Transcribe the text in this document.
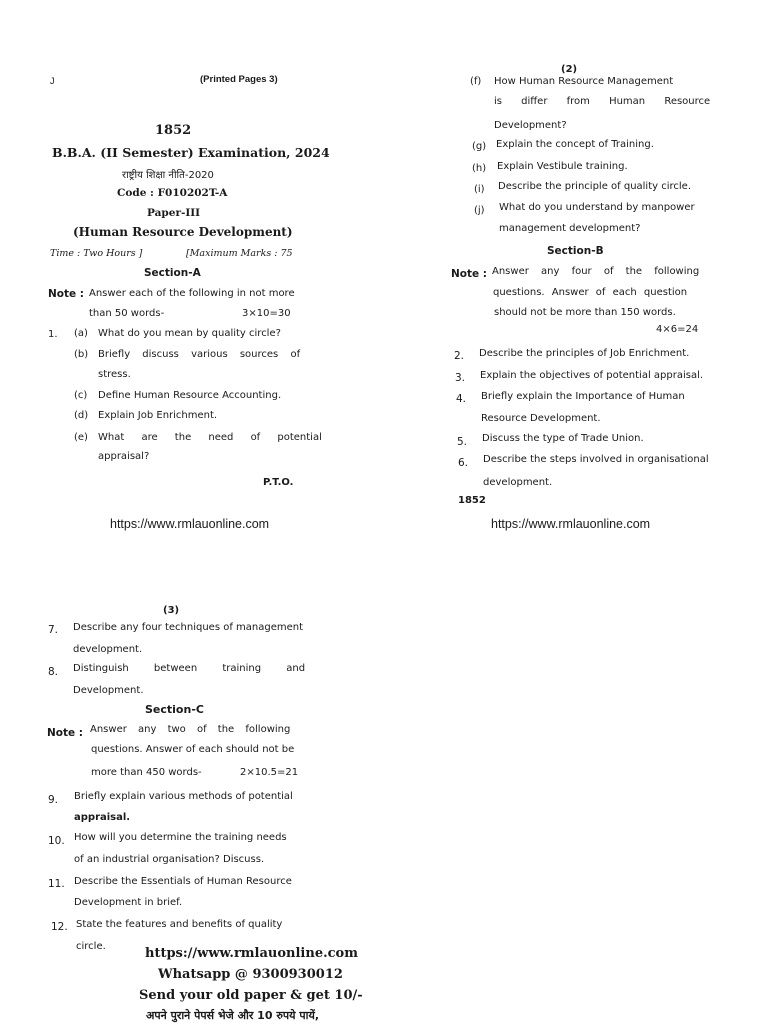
J	(Printed Pages 3)
1852
B.B.A. (II Semester) Examination, 2024
राष्ट्रीय शिक्षा नीति-2020
Code : F010202T-A
Paper-III
(Human Resource Development)
Time : Two Hours ]	[Maximum Marks : 75
Section-A
Note : Answer each of the following in not more
than 50 words-	3×10=30
1. (a) What do you mean by quality circle?
(b) Briefly discuss various sources of
stress.
(c) Define Human Resource Accounting.
(d) Explain Job Enrichment.
(e) What are the need of potential
appraisal?
P.T.O.
https://www.rmlauonline.com
(2)
(f) How Human Resource Management
is differ from Human Resource
Development?
(g) Explain the concept of Training.
(h) Explain Vestibule training.
(i) Describe the principle of quality circle.
(j) What do you understand by manpower
management development?
Section-B
Note : Answer any four of the following
questions. Answer of each question
should not be more than 150 words.
4×6=24
2. Describe the principles of Job Enrichment.
3. Explain the objectives of potential appraisal.
4. Briefly explain the Importance of Human
Resource Development.
5. Discuss the type of Trade Union.
6. Describe the steps involved in organisational
development.
1852
https://www.rmlauonline.com
(3)
7. Describe any four techniques of management
development.
8. Distinguish between training and
Development.
Section-C
Note : Answer any two of the following
questions. Answer of each should not be
more than 450 words-	2×10.5=21
9. Briefly explain various methods of potential
appraisal.
10. How will you determine the training needs
of an industrial organisation? Discuss.
11. Describe the Essentials of Human Resource
Development in brief.
12. State the features and benefits of quality
circle.	https://www.rmlauonline.com
Whatsapp @ 9300930012
Send your old paper & get 10/-
अपने पुराने पेपर्स भेजे और 10 रुपये पायें,
